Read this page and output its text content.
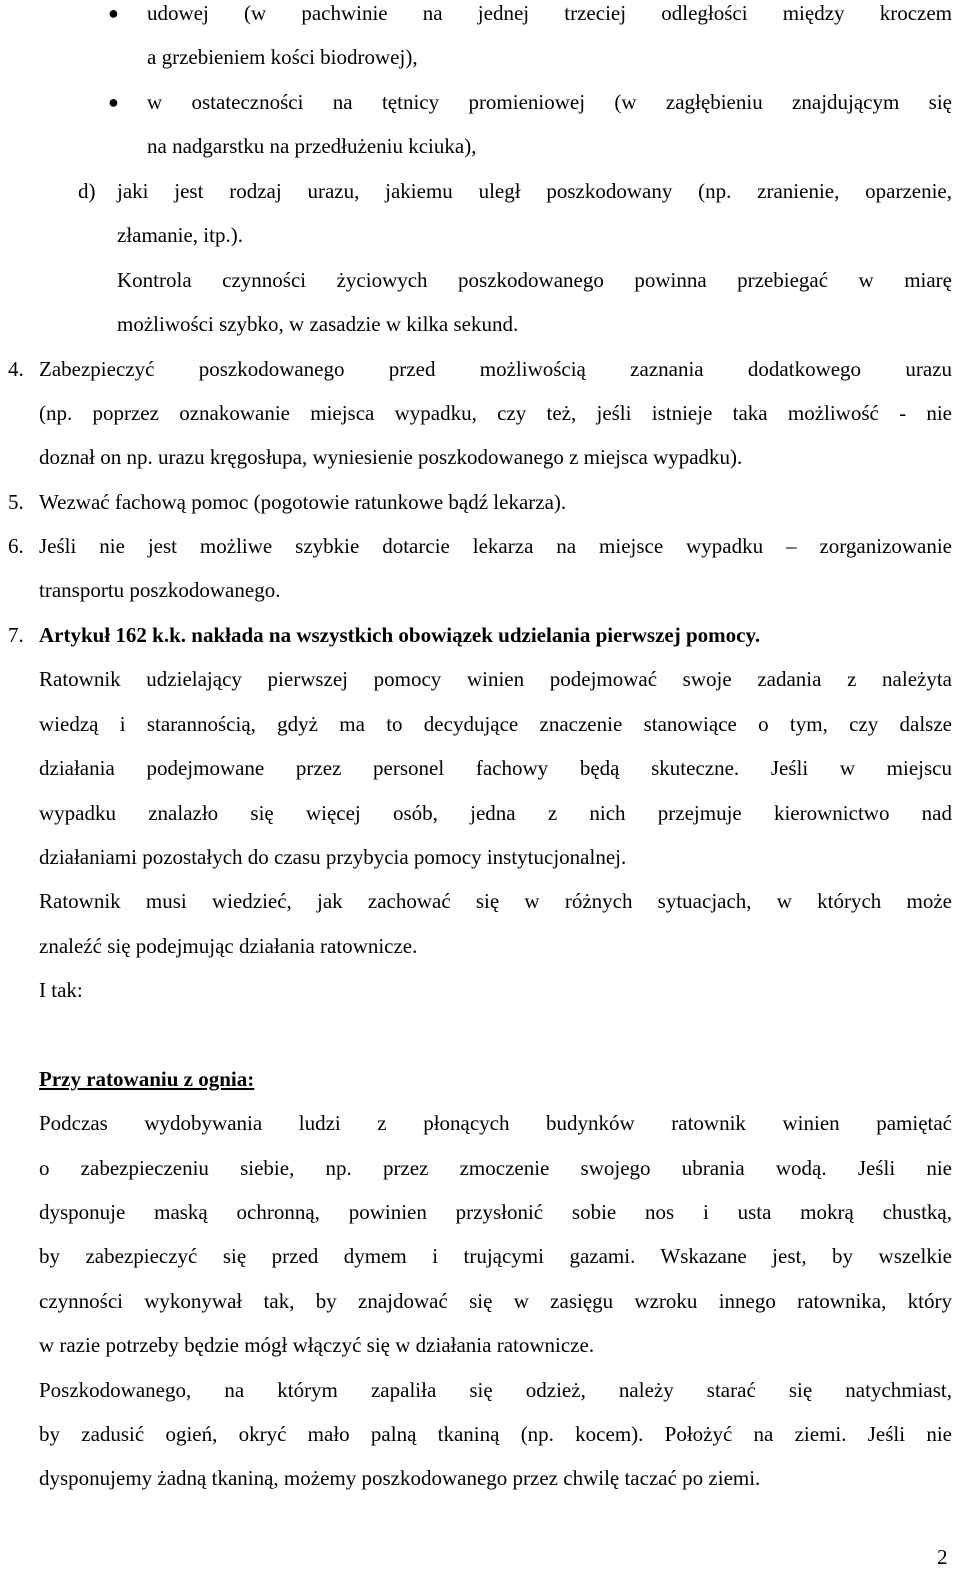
● udowej (w pachwinie na jednej trzeciej odległości między kroczem
a grzebieniem kości biodrowej),
● w ostateczności na tętnicy promieniowej (w zagłębieniu znajdującym się
na nadgarstku na przedłużeniu kciuka),
d) jaki jest rodzaj urazu, jakiemu uległ poszkodowany (np. zranienie, oparzenie,
złamanie, itp.).
Kontrola czynności życiowych poszkodowanego powinna przebiegać w miarę
możliwości szybko, w zasadzie w kilka sekund.
4. Zabezpieczyć poszkodowanego przed możliwością zaznania dodatkowego urazu
(np. poprzez oznakowanie miejsca wypadku, czy też, jeśli istnieje taka możliwość - nie
doznał on np. urazu kręgosłupa, wyniesienie poszkodowanego z miejsca wypadku).
5. Wezwać fachową pomoc (pogotowie ratunkowe bądź lekarza).
6. Jeśli nie jest możliwe szybkie dotarcie lekarza na miejsce wypadku – zorganizowanie
transportu poszkodowanego.
7. Artykuł 162 k.k. nakłada na wszystkich obowiązek udzielania pierwszej pomocy.
Ratownik udzielający pierwszej pomocy winien podejmować swoje zadania z należyta
wiedzą i starannością, gdyż ma to decydujące znaczenie stanowiące o tym, czy dalsze
działania podejmowane przez personel fachowy będą skuteczne. Jeśli w miejscu
wypadku znalazło się więcej osób, jedna z nich przejmuje kierownictwo nad
działaniami pozostałych do czasu przybycia pomocy instytucjonalnej.
Ratownik musi wiedzieć, jak zachować się w różnych sytuacjach, w których może
znaleźć się podejmując działania ratownicze.
I tak:
Przy ratowaniu z ognia:
Podczas wydobywania ludzi z płonących budynków ratownik winien pamiętać
o zabezpieczeniu siebie, np. przez zmoczenie swojego ubrania wodą. Jeśli nie
dysponuje maską ochronną, powinien przysłonić sobie nos i usta mokrą chustką,
by zabezpieczyć się przed dymem i trującymi gazami. Wskazane jest, by wszelkie
czynności wykonywał tak, by znajdować się w zasięgu wzroku innego ratownika, który
w razie potrzeby będzie mógł włączyć się w działania ratownicze.
Poszkodowanego, na którym zapaliła się odzież, należy starać się natychmiast,
by zadusić ogień, okryć mało palną tkaniną (np. kocem). Położyć na ziemi. Jeśli nie
dysponujemy żadną tkaniną, możemy poszkodowanego przez chwilę taczać po ziemi.
2
